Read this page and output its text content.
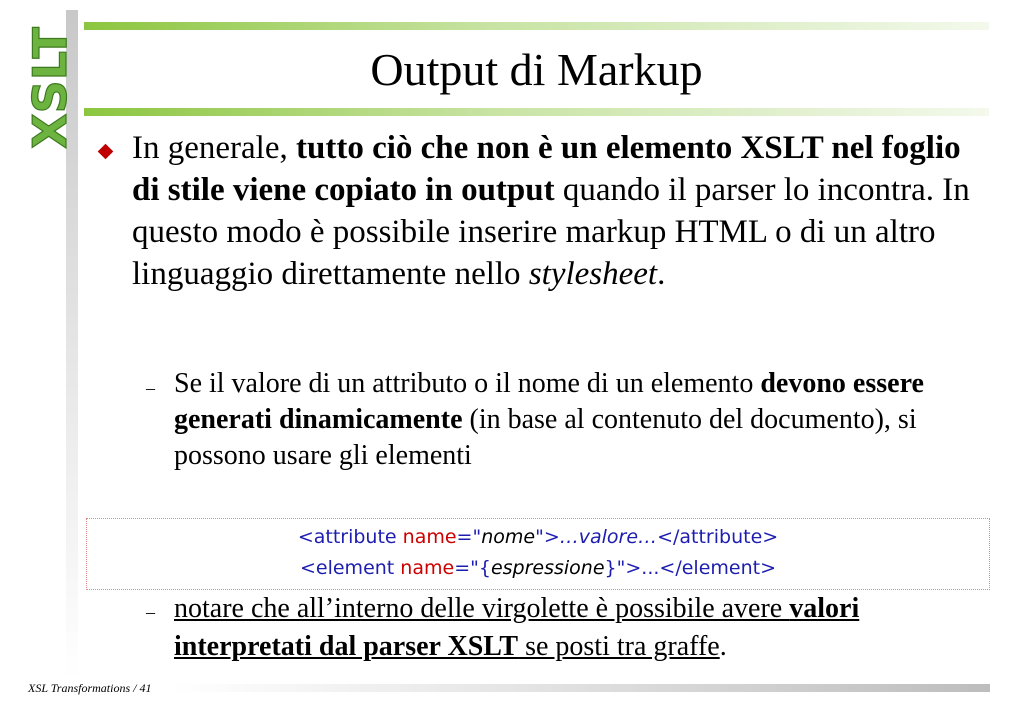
XSLT	Output di Markup
In generale, tutto ciò che non è un elemento XSLT nel foglio di stile viene copiato in output quando il parser lo incontra. In questo modo è possibile inserire markup HTML o di un altro linguaggio direttamente nello stylesheet.
– Se il valore di un attributo o il nome di un elemento devono essere generati dinamicamente (in base al contenuto del documento), si possono usare gli elementi
<attribute name="nome">…valore…</attribute>
<element name="{espressione}">...</element>
– notare che all’interno delle virgolette è possibile avere valori interpretati dal parser XSLT se posti tra graffe.
XSL Transformations / 41
